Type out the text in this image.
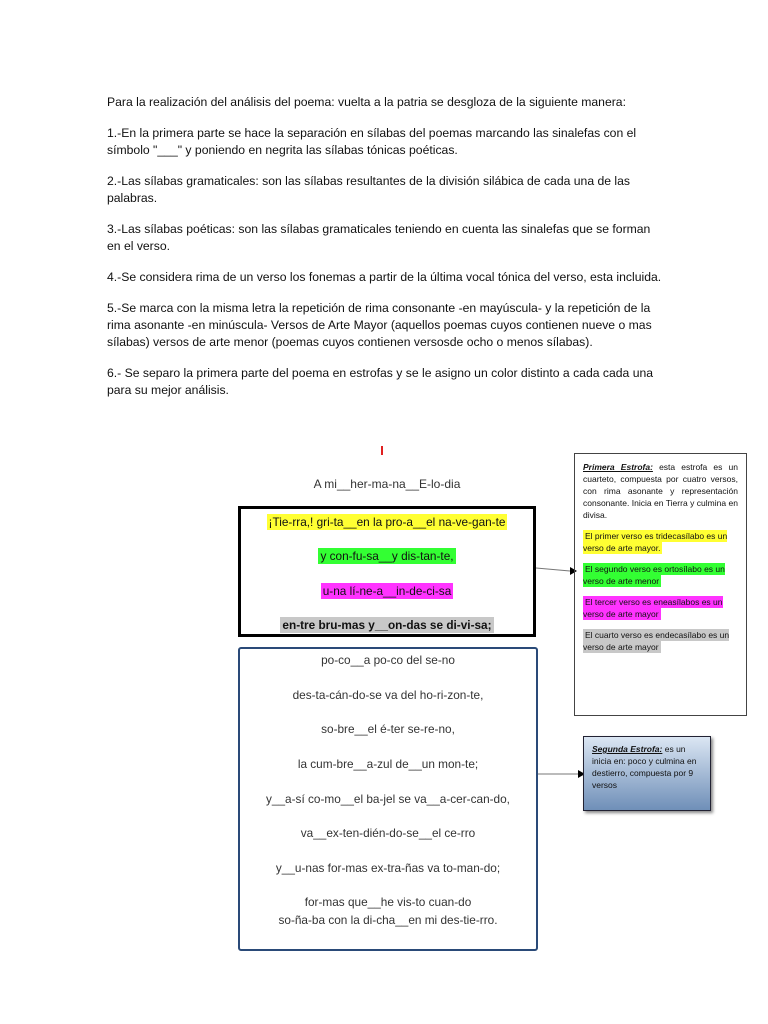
Para la realización del análisis del poema: vuelta a la patria se desgloza de la siguiente manera:

1.-En la primera parte se hace la separación en sílabas del poemas marcando las sinalefas con el símbolo "___" y poniendo en negrita las sílabas tónicas poéticas.

2.-Las sílabas gramaticales: son las sílabas resultantes de la división silábica de cada una de las palabras.

3.-Las sílabas poéticas: son las sílabas gramaticales teniendo en cuenta las sinalefas que se forman en el verso.

4.-Se considera rima de un verso los fonemas a partir de la última vocal tónica del verso, esta incluida.

5.-Se marca con la misma letra la repetición de rima consonante -en mayúscula- y la repetición de la rima asonante -en minúscula- Versos de Arte Mayor (aquellos poemas cuyos contienen nueve o mas sílabas) versos de arte menor (poemas cuyos contienen versosde ocho o menos sílabas).

6.- Se separo la primera parte del poema en estrofas y se le asigno un color distinto a cada cada una para su mejor análisis.

A mi__her-ma-na__E-lo-dia
¡Tie-rra,! gri-ta__en la pro-a__el na-ve-gan-te
y con-fu-sa__y dis-tan-te,
u-na lí-ne-a__in-de-ci-sa
en-tre bru-mas y__on-das se di-vi-sa;
po-co__a po-co del se-no
des-ta-cán-do-se va del ho-ri-zon-te,
so-bre__el é-ter se-re-no,
la cum-bre__a-zul de__un mon-te;
y__a-sí co-mo__el ba-jel se va__a-cer-can-do,
va__ex-ten-dién-do-se__el ce-rro
y__u-nas for-mas ex-tra-ñas va to-man-do;
for-mas que__he vis-to cuan-do
so-ña-ba con la di-cha__en mi des-tie-rro.

Primera Estrofa: esta estrofa es un cuarteto, compuesta por cuatro versos, con rima asonante y representación consonante. Inicia en Tierra y culmina en divisa.

El primer verso es tridecasílabo es un verso de arte mayor.

El segundo verso es ortosílabo es un verso de arte menor

El tercer verso es eneasílabos es un verso de arte mayor

El cuarto verso es endecasílabo es un verso de arte mayor

Segunda Estrofa: es un inicia en: poco y culmina en destierro, compuesta por 9 versos
